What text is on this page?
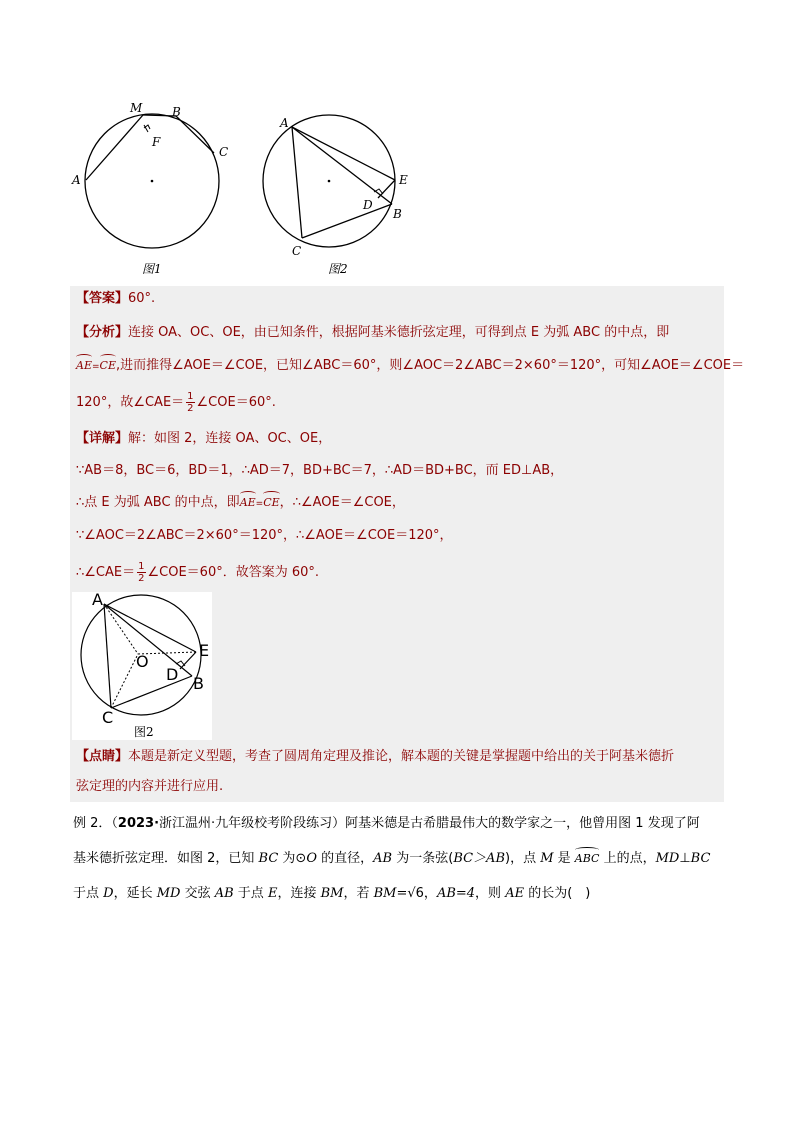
M B
F
C
A
图1
A
E
D
B
C
图2
【答案】60°.
【分析】连接 OA、OC、OE，由已知条件，根据阿基米德折弦定理，可得到点 E 为弧 ABC 的中点，即
AE=CE,进而推得∠AOE＝∠COE，已知∠ABC＝60°，则∠AOC＝2∠ABC＝2×60°＝120°，可知∠AOE＝∠COE＝
120°，故∠CAE＝ $\frac{1}{2}$ ∠COE＝60°.
【详解】解：如图 2，连接 OA、OC、OE，
∵AB＝8，BC＝6，BD＝1，∴AD＝7，BD+BC＝7，∴AD＝BD+BC，而 ED⊥AB，
∴点 E 为弧 ABC 的中点，即AE=CE，∴∠AOE＝∠COE，
∵∠AOC＝2∠ABC＝2×60°＝120°，∴∠AOE＝∠COE＝120°，
∴∠CAE＝ $\frac{1}{2}$ ∠COE＝60°．故答案为 60°.
A
O
E
D B
C
图2
【点睛】本题是新定义型题，考查了圆周角定理及推论，解本题的关键是掌握题中给出的关于阿基米德折
弦定理的内容并进行应用.
例 2．（2023·浙江温州·九年级校考阶段练习）阿基米德是古希腊最伟大的数学家之一，他曾用图 1 发现了阿
基米德折弦定理．如图 2，已知 BC 为⊙O 的直径，AB 为一条弦(BC＞AB)，点 M 是 ABC 上的点，MD⊥BC
于点 D，延长 MD 交弦 AB 于点 E，连接 BM，若 BM=√6，AB=4，则 AE 的长为(　)
